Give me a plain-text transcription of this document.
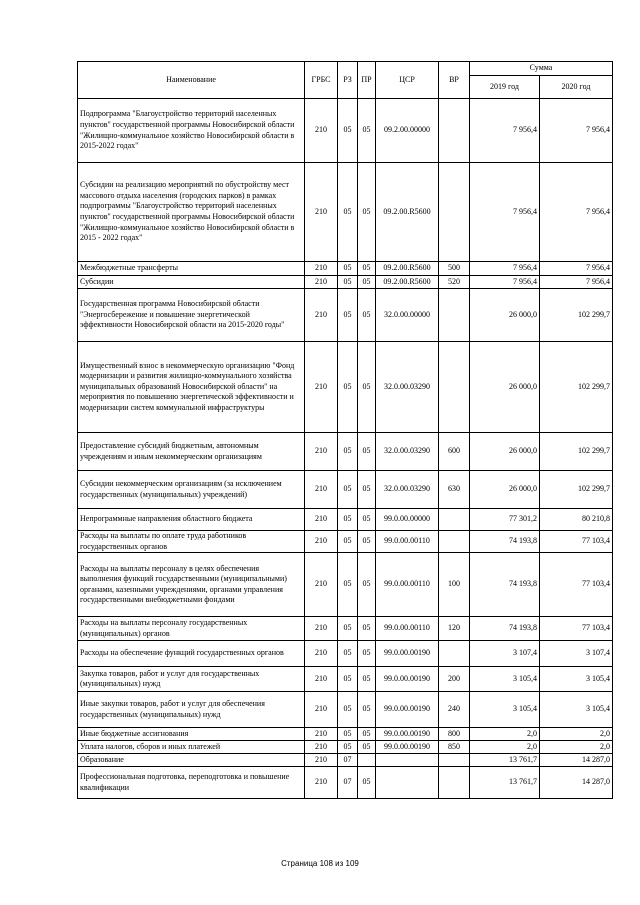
Наименование	ГРБС	РЗ	ПР	ЦСР	ВР	Сумма	
						2019 год	2020 год
Подпрограмма "Благоустройство территорий населенных пунктов" государственной программы Новосибирской области "Жилищно-коммунальное хозяйство Новосибирской области в 2015-2022 годах"	210	05	05	09.2.00.00000		7 956,4	7 956,4
Субсидии на реализацию мероприятий по обустройству мест массового отдыха населения (городских парков) в рамках подпрограммы "Благоустройство территорий населенных пунктов" государственной программы Новосибирской области "Жилищно-коммунальное хозяйство Новосибирской области в 2015 - 2022 годах"	210	05	05	09.2.00.R5600		7 956,4	7 956,4
Межбюджетные трансферты	210	05	05	09.2.00.R5600	500	7 956,4	7 956,4
Субсидии	210	05	05	09.2.00.R5600	520	7 956,4	7 956,4
Государственная программа Новосибирской области "Энергосбережение и повышение энергетической эффективности Новосибирской области на 2015-2020 годы"	210	05	05	32.0.00.00000		26 000,0	102 299,7
Имущественный взнос в некоммерческую организацию "Фонд модернизации и развития жилищно-коммунального хозяйства муниципальных образований Новосибирской области" на мероприятия по повышению энергетической эффективности и модернизации систем коммунальной инфраструктуры	210	05	05	32.0.00.03290		26 000,0	102 299,7
Предоставление субсидий бюджетным, автономным учреждениям и иным некоммерческим организациям	210	05	05	32.0.00.03290	600	26 000,0	102 299,7
Субсидии некоммерческим организациям (за исключением государственных (муниципальных) учреждений)	210	05	05	32.0.00.03290	630	26 000,0	102 299,7
Непрограммные направления областного бюджета	210	05	05	99.0.00.00000		77 301,2	80 210,8
Расходы на выплаты по оплате труда работников государственных органов	210	05	05	99.0.00.00110		74 193,8	77 103,4
Расходы на выплаты персоналу в целях обеспечения выполнения функций государственными (муниципальными) органами, казенными учреждениями, органами управления государственными внебюджетными фондами	210	05	05	99.0.00.00110	100	74 193,8	77 103,4
Расходы на выплаты персоналу государственных (муниципальных) органов	210	05	05	99.0.00.00110	120	74 193,8	77 103,4
Расходы на обеспечение функций государственных органов	210	05	05	99.0.00.00190		3 107,4	3 107,4
Закупка товаров, работ и услуг для государственных (муниципальных) нужд	210	05	05	99.0.00.00190	200	3 105,4	3 105,4
Иные закупки товаров, работ и услуг для обеспечения государственных (муниципальных) нужд	210	05	05	99.0.00.00190	240	3 105,4	3 105,4
Иные бюджетные ассигнования	210	05	05	99.0.00.00190	800	2,0	2,0
Уплата налогов, сборов и иных платежей	210	05	05	99.0.00.00190	850	2,0	2,0
Образование	210	07				13 761,7	14 287,0
Профессиональная подготовка, переподготовка и повышение квалификации	210	07	05			13 761,7	14 287,0
Страница 108 из 109
